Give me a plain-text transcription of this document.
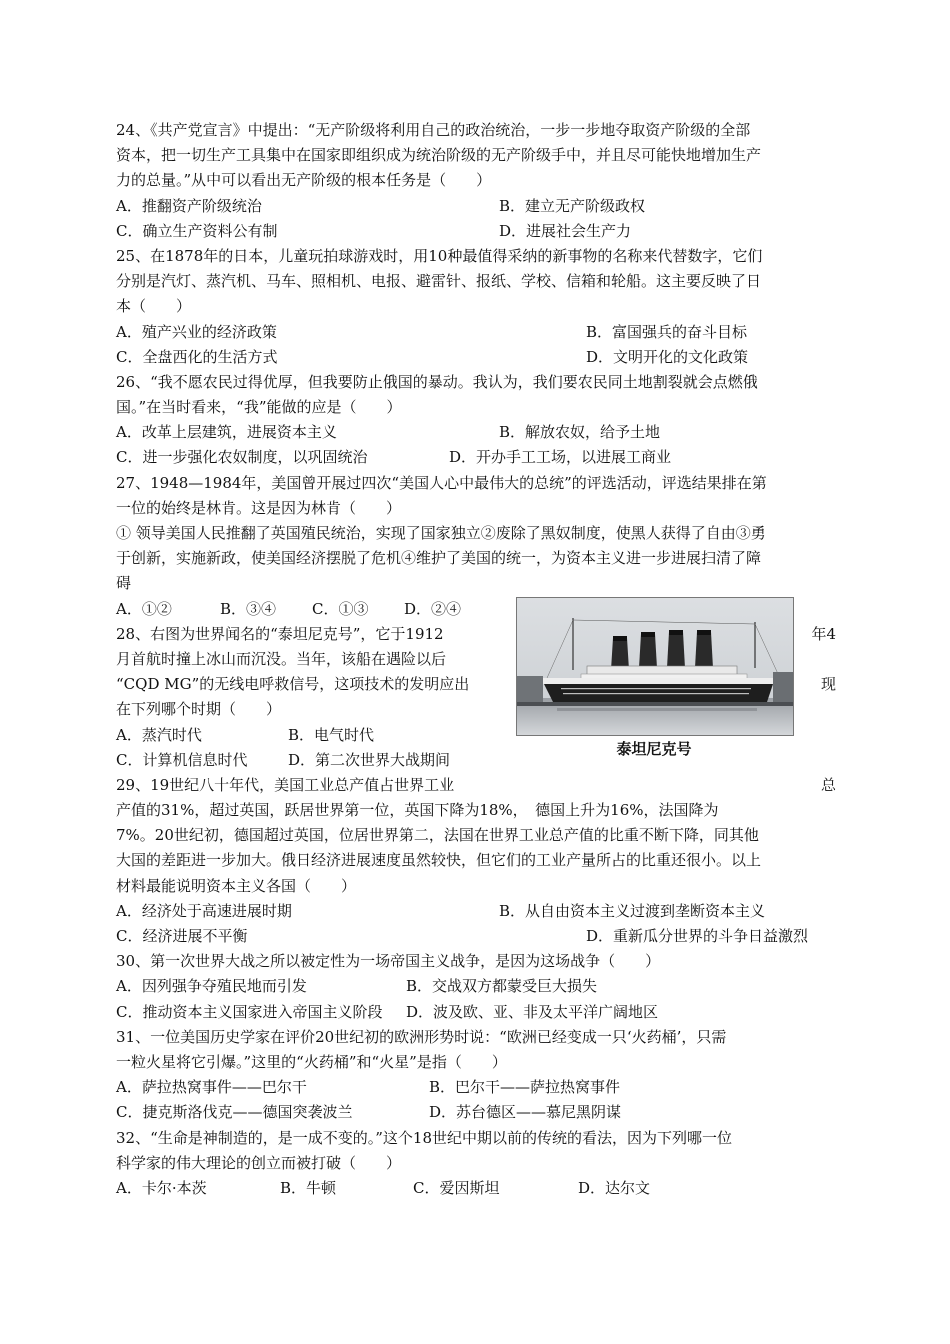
24、《共产党宣言》中提出：“无产阶级将利用自己的政治统治，一步一步地夺取资产阶级的全部
资本，把一切生产工具集中在国家即组织成为统治阶级的无产阶级手中，并且尽可能快地增加生产
力的总量。”从中可以看出无产阶级的根本任务是（　　）
A．推翻资产阶级统治	B．建立无产阶级政权
C．确立生产资料公有制	D．进展社会生产力
25、在1878年的日本，儿童玩拍球游戏时，用10种最值得采纳的新事物的名称来代替数字，它们
分别是汽灯、蒸汽机、马车、照相机、电报、避雷针、报纸、学校、信箱和轮船。这主要反映了日
本（　　）
A．殖产兴业的经济政策	B．富国强兵的奋斗目标
C．全盘西化的生活方式	D．文明开化的文化政策
26、“我不愿农民过得优厚，但我要防止俄国的暴动。我认为，我们要农民同土地割裂就会点燃俄
国。”在当时看来，“我”能做的应是（　　）
A．改革上层建筑，进展资本主义	B．解放农奴，给予土地
C．进一步强化农奴制度，以巩固统治	D．开办手工工场，以进展工商业
27、1948—1984年，美国曾开展过四次“美国人心中最伟大的总统”的评选活动，评选结果排在第
一位的始终是林肯。这是因为林肯（　　）
① 领导美国人民推翻了英国殖民统治，实现了国家独立②废除了黑奴制度，使黑人获得了自由③勇
于创新，实施新政，使美国经济摆脱了危机④维护了美国的统一，为资本主义进一步进展扫清了障
碍
A．①②	B．③④ C．①③ D．②④
28、右图为世界闻名的“泰坦尼克号”，它于1912	年4
月首航时撞上冰山而沉没。当年，该船在遇险以后
“CQD MG”的无线电呼救信号，这项技术的发明应出	现
在下列哪个时期（　　）
A．蒸汽时代	B．电气时代
C．计算机信息时代	D．第二次世界大战期间
29、19世纪八十年代，美国工业总产值占世界工业	总
产值的31%，超过英国，跃居世界第一位，英国下降为18%，　德国上升为16%，法国降为
7%。20世纪初，德国超过英国，位居世界第二，法国在世界工业总产值的比重不断下降，同其他
大国的差距进一步加大。俄日经济进展速度虽然较快，但它们的工业产量所占的比重还很小。以上
材料最能说明资本主义各国（　　）
A．经济处于高速进展时期	B．从自由资本主义过渡到垄断资本主义
C．经济进展不平衡	D．重新瓜分世界的斗争日益激烈
30、第一次世界大战之所以被定性为一场帝国主义战争，是因为这场战争（　　）
A．因列强争夺殖民地而引发	B．交战双方都蒙受巨大损失
C．推动资本主义国家进入帝国主义阶段 D．波及欧、亚、非及太平洋广阔地区
31、一位美国历史学家在评价20世纪初的欧洲形势时说：“欧洲已经变成一只‘火药桶’，只需
一粒火星将它引爆。”这里的“火药桶”和“火星”是指（　　）
A．萨拉热窝事件——巴尔干	B．巴尔干——萨拉热窝事件
C．捷克斯洛伐克——德国突袭波兰	D．苏台德区——慕尼黑阴谋
32、“生命是神制造的，是一成不变的。”这个18世纪中期以前的传统的看法，因为下列哪一位
科学家的伟大理论的创立而被打破（　　）
A．卡尔·本茨	B．牛顿	C．爱因斯坦	D．达尔文
泰坦尼克号
